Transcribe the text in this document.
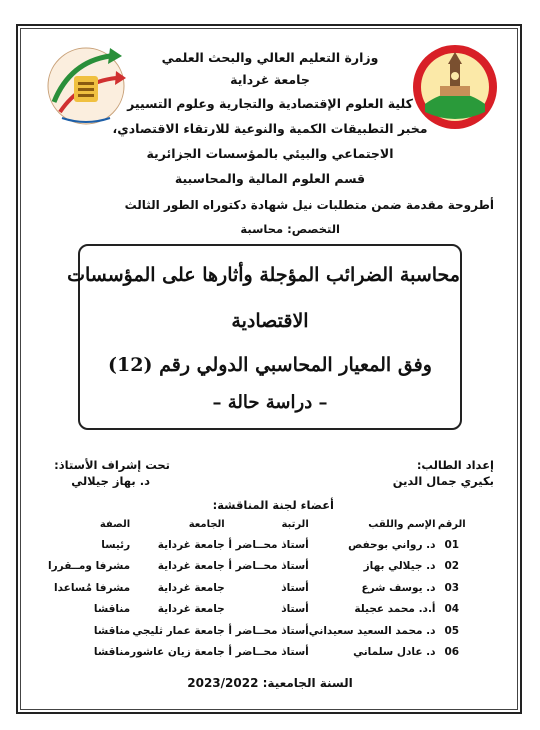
وزارة التعليم العالي والبحث العلمي
جامعة غرداية
كلية العلوم الإقتصادية والتجارية وعلوم التسيير
مخبر التطبيقات الكمية والنوعية للارتقاء الاقتصادي،
الاجتماعي والبيئي بالمؤسسات الجزائرية
قسم العلوم المالية والمحاسبية
أطروحة مقدمة ضمن متطلبات نيل شهادة دكتوراه الطور الثالث
التخصص: محاسبة
محاسبة الضرائب المؤجلة وأثارها على المؤسسات
الاقتصادية
وفق المعيار المحاسبي الدولي رقم (12)
– دراسة حالة –
إعداد الطالب:
بكيري جمال الدين
تحت إشراف الأستاذ:
د. بهاز جيلالي
أعضاء لجنة المناقشة:
الرقم	الإسم واللقب	الرتبة	الجامعة	الصفة
01	د. رواني بوحفص	أستاذ محــاضر أ	جامعة غرداية	رئيسا
02	د. جيلالي بهاز	أستاذ محــاضر أ	جامعة غرداية	مشرفا ومــقررا
03	د. يوسف شرع	أستاذ	جامعة غرداية	مشرفا مُساعدا
04	أ.د. محمد عجيلة	أستاذ	جامعة غرداية	مناقشا
05	د. محمد السعيد سعيداني	أستاذ محــاضر أ	جامعة عمار ثليجي	مناقشا
06	د. عادل سلماني	أستاذ محــاضر أ	جامعة زيان عاشور	مناقشا
السنة الجامعية: 2023/2022
